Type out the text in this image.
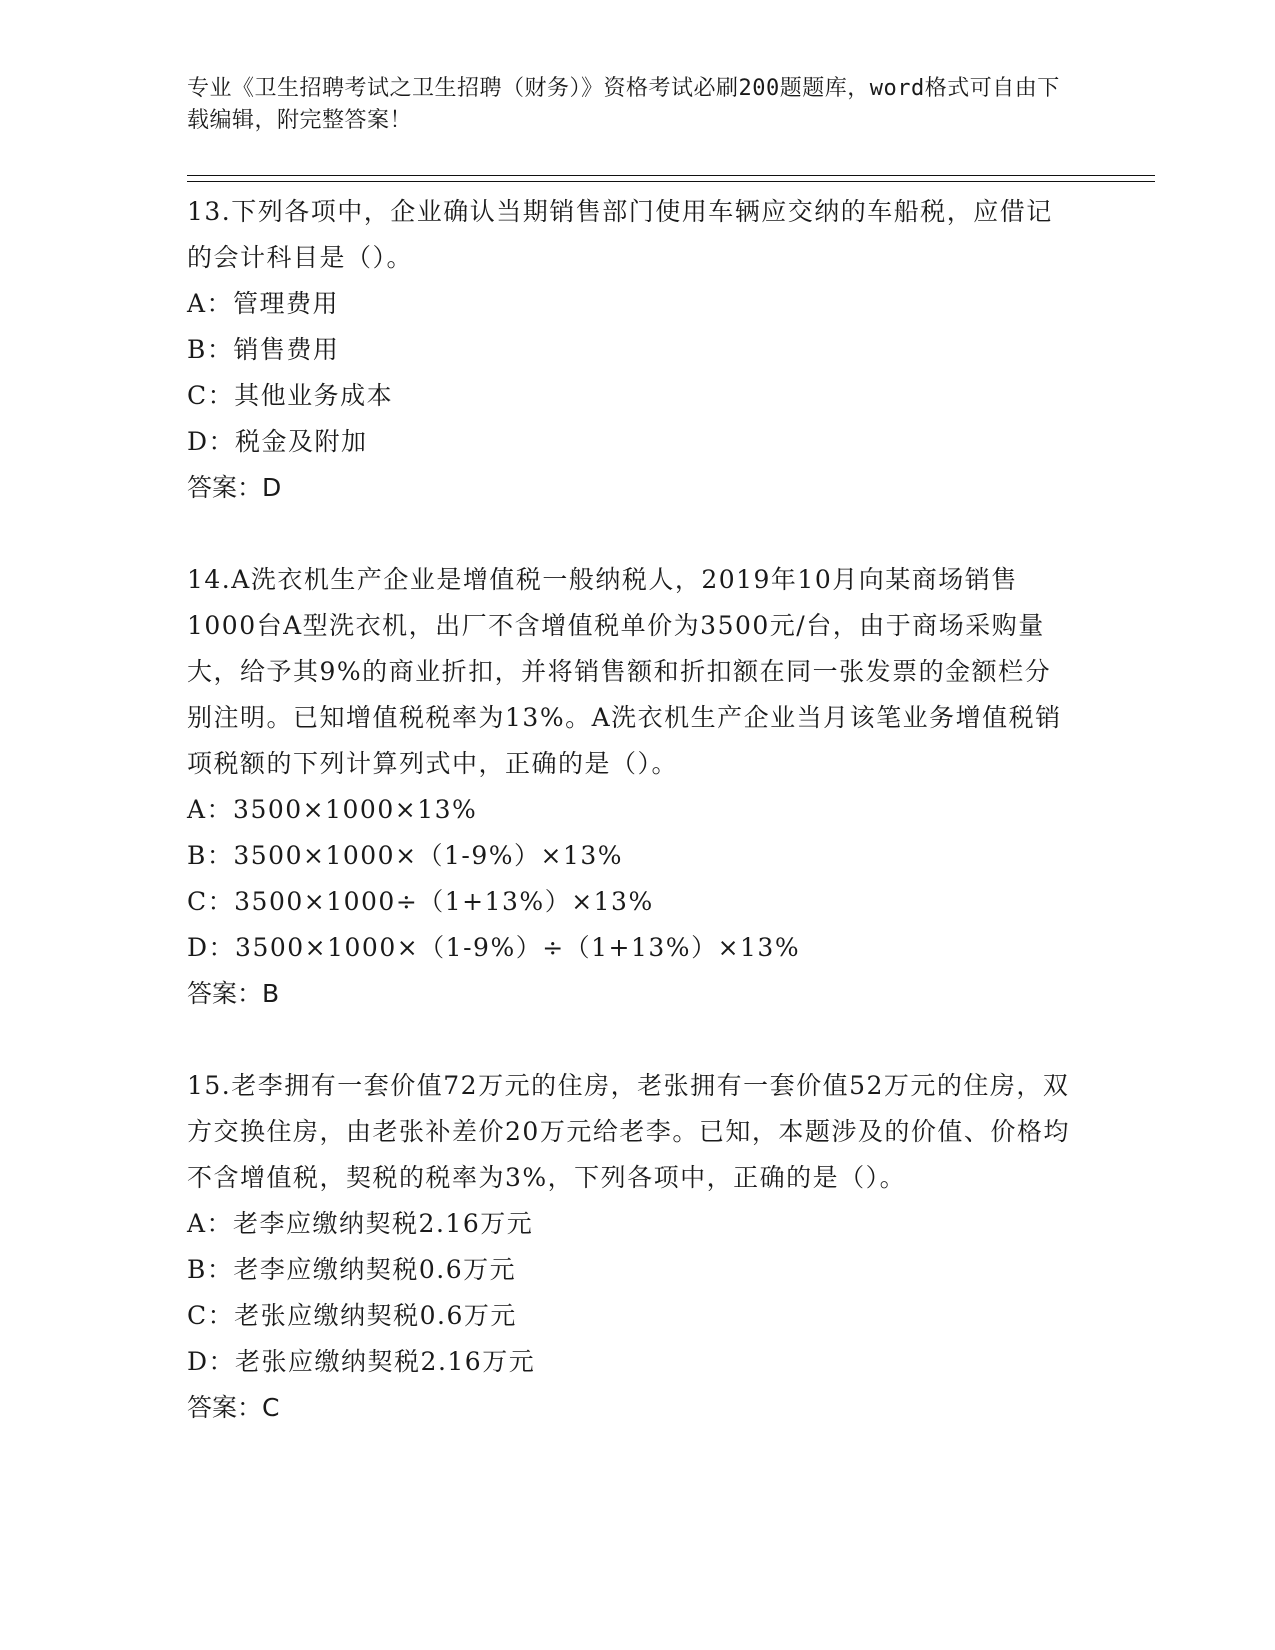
专业《卫生招聘考试之卫生招聘（财务）》资格考试必刷200题题库，word格式可自由下载编辑，附完整答案！

13.下列各项中，企业确认当期销售部门使用车辆应交纳的车船税，应借记的会计科目是（）。

A：管理费用

B：销售费用

C：其他业务成本

D：税金及附加

答案：D

14.A洗衣机生产企业是增值税一般纳税人，2019年10月向某商场销售1000台A型洗衣机，出厂不含增值税单价为3500元/台，由于商场采购量大，给予其9%的商业折扣，并将销售额和折扣额在同一张发票的金额栏分别注明。已知增值税税率为13%。A洗衣机生产企业当月该笔业务增值税销项税额的下列计算列式中，正确的是（）。

A：3500×1000×13%

B：3500×1000×（1-9%）×13%

C：3500×1000÷（1+13%）×13%

D：3500×1000×（1-9%）÷（1+13%）×13%

答案：B

15.老李拥有一套价值72万元的住房，老张拥有一套价值52万元的住房，双方交换住房，由老张补差价20万元给老李。已知，本题涉及的价值、价格均不含增值税，契税的税率为3%，下列各项中，正确的是（）。

A：老李应缴纳契税2.16万元

B：老李应缴纳契税0.6万元

C：老张应缴纳契税0.6万元

D：老张应缴纳契税2.16万元

答案：C
